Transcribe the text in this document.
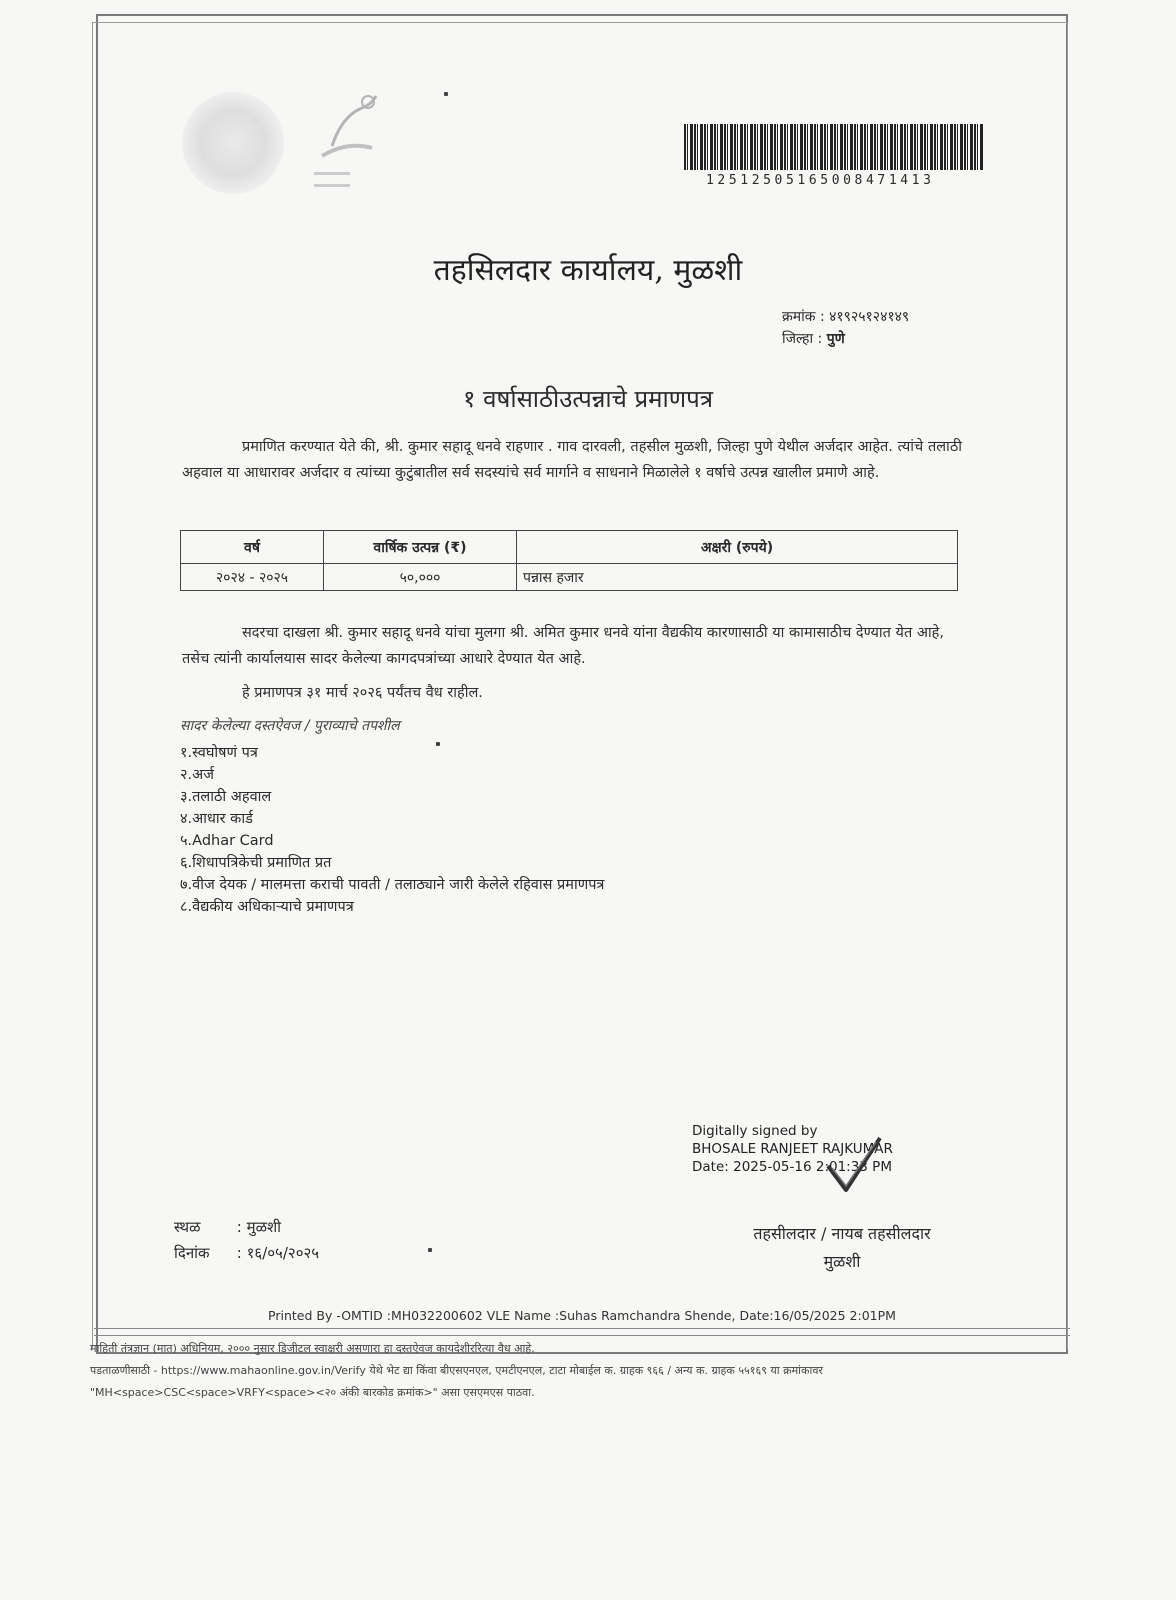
12512505165008471413
तहसिलदार कार्यालय, मुळशी
क्रमांक : ४१९२५१२४१४९
जिल्हा : पुणे
१ वर्षासाठीउत्पन्नाचे प्रमाणपत्र
प्रमाणित करण्यात येते की, श्री. कुमार सहादू धनवे राहणार . गाव दारवली, तहसील मुळशी, जिल्हा पुणे येथील अर्जदार आहेत. त्यांचे तलाठी अहवाल या आधारावर अर्जदार व त्यांच्या कुटुंबातील सर्व सदस्यांचे सर्व मार्गाने व साधनाने मिळालेले १ वर्षाचे उत्पन्न खालील प्रमाणे आहे.
वर्ष	वार्षिक उत्पन्न (₹)	अक्षरी (रुपये)
२०२४ - २०२५	५०,०००	पन्नास हजार
सदरचा दाखला श्री. कुमार सहादू धनवे यांचा मुलगा श्री. अमित कुमार धनवे यांना वैद्यकीय कारणासाठी या कामासाठीच देण्यात येत आहे, तसेच त्यांनी कार्यालयास सादर केलेल्या कागदपत्रांच्या आधारे देण्यात येत आहे.
हे प्रमाणपत्र ३१ मार्च २०२६ पर्यंतच वैध राहील.
सादर केलेल्या दस्तऐवज / पुराव्याचे तपशील
१.स्वघोषणं पत्र
२.अर्ज
३.तलाठी अहवाल
४.आधार कार्ड
५.Adhar Card
६.शिधापत्रिकेची प्रमाणित प्रत
७.वीज देयक / मालमत्ता कराची पावती / तलाठ्याने जारी केलेले रहिवास प्रमाणपत्र
८.वैद्यकीय अधिकाऱ्याचे प्रमाणपत्र
Digitally signed by
BHOSALE RANJEET RAJKUMAR
Date: 2025-05-16 2:01:33 PM
स्थळ : मुळशी
दिनांक : १६/०५/२०२५
तहसीलदार / नायब तहसीलदार
मुळशी
Printed By -OMTID :MH032200602 VLE Name :Suhas Ramchandra Shende, Date:16/05/2025 2:01PM
माहिती तंत्रज्ञान (मात) अधिनियम, २००० नुसार डिजीटल स्वाक्षरी असणारा हा दस्तऐवज कायदेशीररित्या वैध आहे.
पडताळणीसाठी - https://www.mahaonline.gov.in/Verify येथे भेट द्या किंवा बीएसएनएल, एमटीएनएल, टाटा मोबाईल क. ग्राहक ९६६ / अन्य क. ग्राहक ५५१६९ या क्रमांकावर
"MH<space>CSC<space>VRFY<space><२० अंकी बारकोड क्रमांक>" असा एसएमएस पाठवा.
